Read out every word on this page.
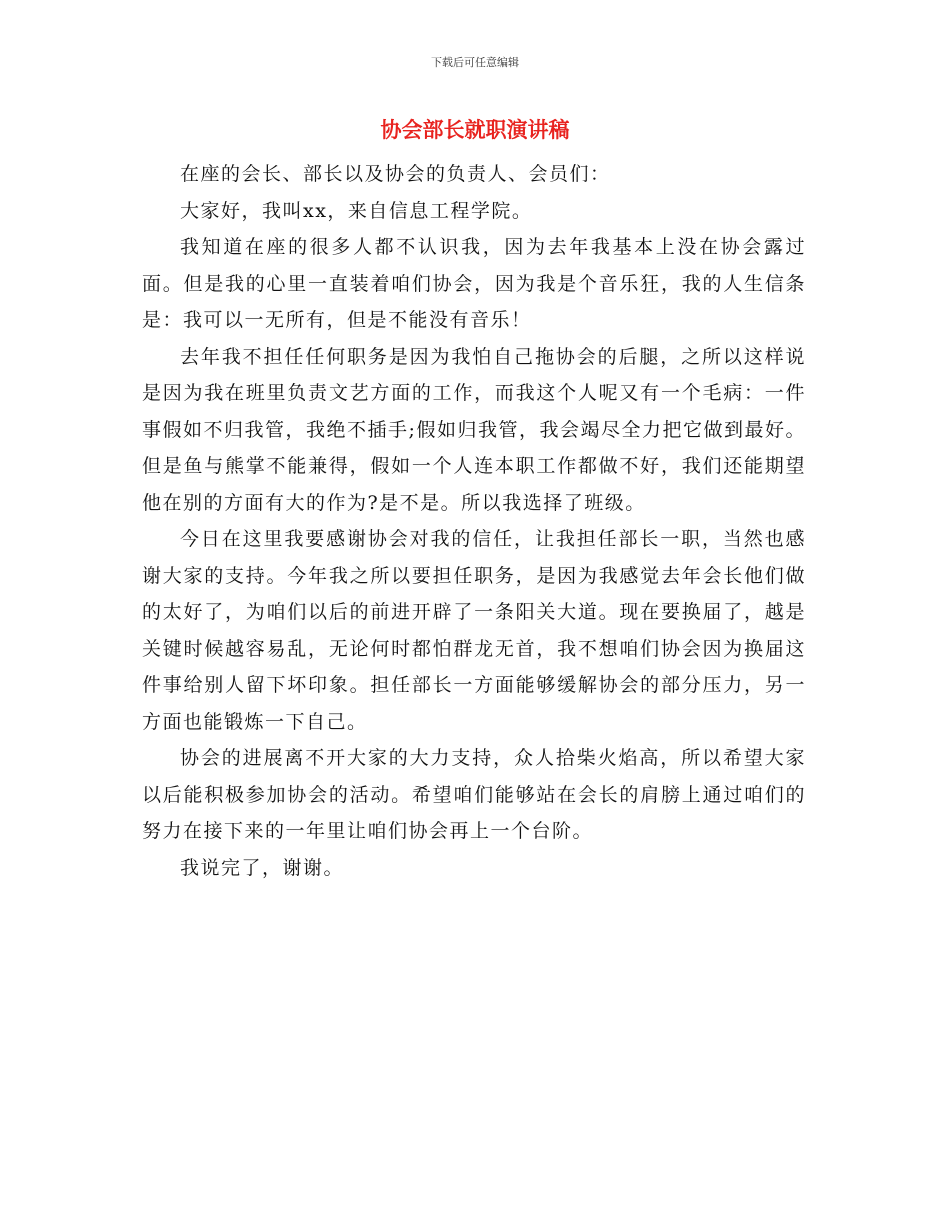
下载后可任意编辑
协会部长就职演讲稿

在座的会长、部长以及协会的负责人、会员们：

大家好，我叫xx，来自信息工程学院。

我知道在座的很多人都不认识我，因为去年我基本上没在协会露过面。但是我的心里一直装着咱们协会，因为我是个音乐狂，我的人生信条是：我可以一无所有，但是不能没有音乐！

去年我不担任任何职务是因为我怕自己拖协会的后腿，之所以这样说是因为我在班里负责文艺方面的工作，而我这个人呢又有一个毛病：一件事假如不归我管，我绝不插手;假如归我管，我会竭尽全力把它做到最好。但是鱼与熊掌不能兼得，假如一个人连本职工作都做不好，我们还能期望他在别的方面有大的作为?是不是。所以我选择了班级。

今日在这里我要感谢协会对我的信任，让我担任部长一职，当然也感谢大家的支持。今年我之所以要担任职务，是因为我感觉去年会长他们做的太好了，为咱们以后的前进开辟了一条阳关大道。现在要换届了，越是关键时候越容易乱，无论何时都怕群龙无首，我不想咱们协会因为换届这件事给别人留下坏印象。担任部长一方面能够缓解协会的部分压力，另一方面也能锻炼一下自己。

协会的进展离不开大家的大力支持，众人拾柴火焰高，所以希望大家以后能积极参加协会的活动。希望咱们能够站在会长的肩膀上通过咱们的努力在接下来的一年里让咱们协会再上一个台阶。

我说完了，谢谢。
